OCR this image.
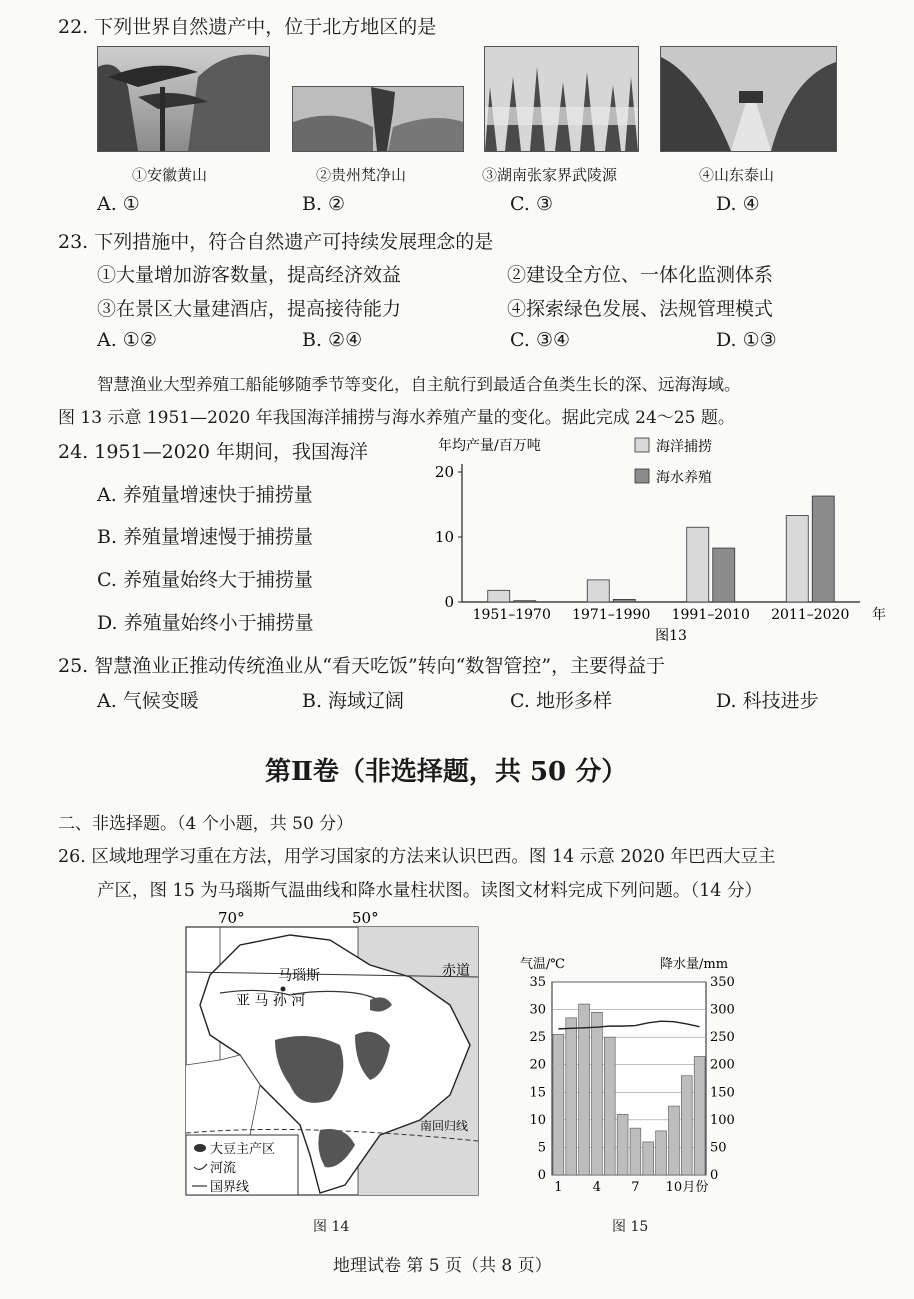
22. 下列世界自然遗产中，位于北方地区的是
①安徽黄山	②贵州梵净山	③湖南张家界武陵源	④山东泰山
A. ①	B. ②	C. ③	D. ④
23. 下列措施中，符合自然遗产可持续发展理念的是
①大量增加游客数量，提高经济效益	②建设全方位、一体化监测体系
③在景区大量建酒店，提高接待能力	④探索绿色发展、法规管理模式
A. ①②	B. ②④	C. ③④	D. ①③
智慧渔业大型养殖工船能够随季节等变化，自主航行到最适合鱼类生长的深、远海海域。
图 13 示意 1951—2020 年我国海洋捕捞与海水养殖产量的变化。据此完成 24～25 题。
24. 1951—2020 年期间，我国海洋
A. 养殖量增速快于捕捞量
B. 养殖量增速慢于捕捞量
C. 养殖量始终大于捕捞量
D. 养殖量始终小于捕捞量
年均产量/百万吨
0
10
20
1951–1970 1971–1990 1991–2010 2011–2020 年
图13
海洋捕捞
海水养殖
25. 智慧渔业正推动传统渔业从“看天吃饭”转向“数智管控”，主要得益于
A. 气候变暖	B. 海域辽阔	C. 地形多样	D. 科技进步
第Ⅱ卷（非选择题，共 50 分）
二、非选择题。（4 个小题，共 50 分）
26. 区域地理学习重在方法，用学习国家的方法来认识巴西。图 14 示意 2020 年巴西大豆主
产区，图 15 为马瑙斯气温曲线和降水量柱状图。读图文材料完成下列问题。（14 分）
70°	50°
赤道
南回归线
马瑙斯
亚 马 孙 河
大豆主产区
河流
国界线
图 14
气温/℃	降水量/mm
35	350
30	300
25	250
20	200
15	150
10	100
5	50
0	0
1 4 7 10 月份
图 15
地理试卷 第 5 页（共 8 页）
